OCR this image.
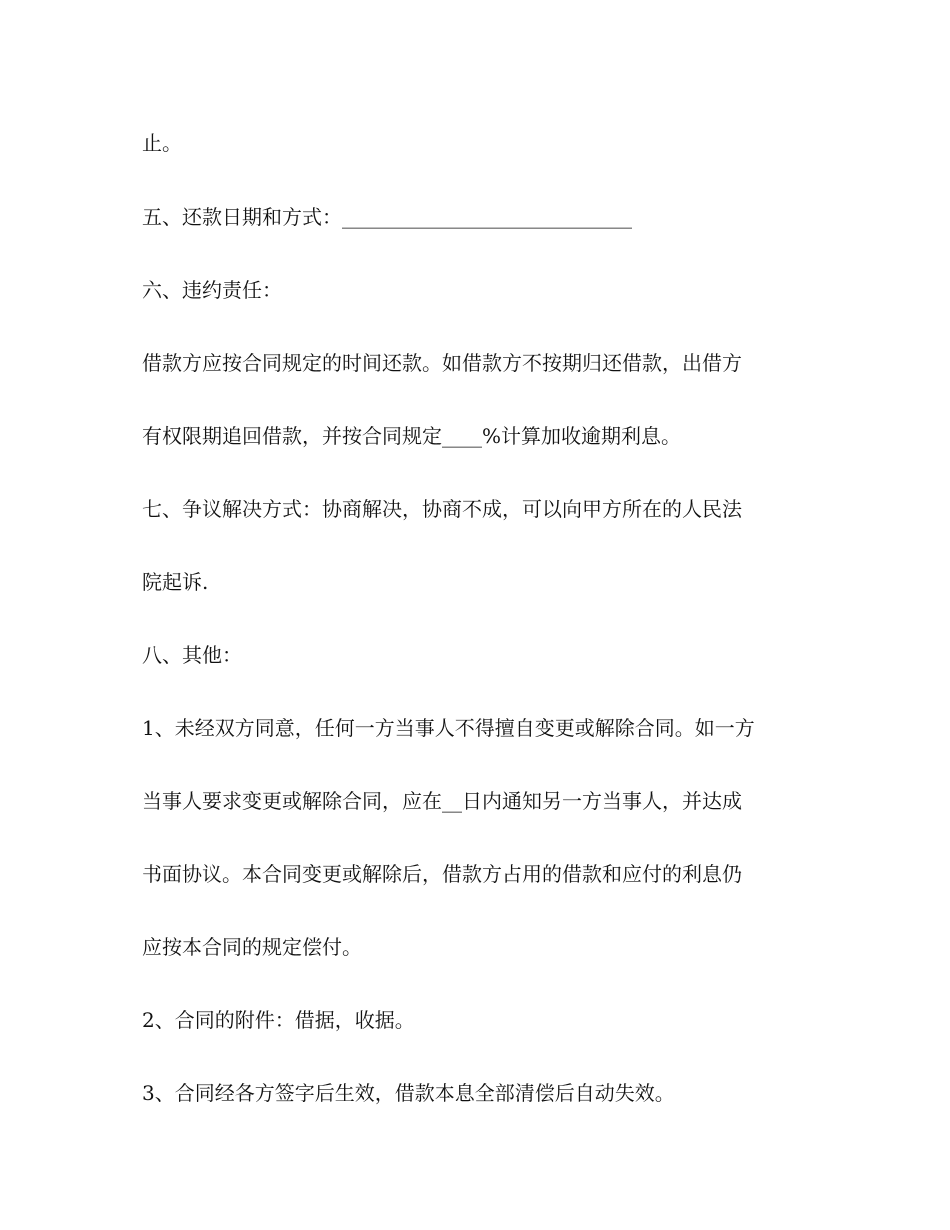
止。
五、还款日期和方式：_____________________________
六、违约责任：
借款方应按合同规定的时间还款。如借款方不按期归还借款，出借方
有权限期追回借款，并按合同规定____%计算加收逾期利息。
七、争议解决方式：协商解决，协商不成，可以向甲方所在的人民法
院起诉.
八、其他：
1、未经双方同意，任何一方当事人不得擅自变更或解除合同。如一方
当事人要求变更或解除合同，应在__日内通知另一方当事人，并达成
书面协议。本合同变更或解除后，借款方占用的借款和应付的利息仍
应按本合同的规定偿付。
2、合同的附件：借据，收据。
3、合同经各方签字后生效，借款本息全部清偿后自动失效。
